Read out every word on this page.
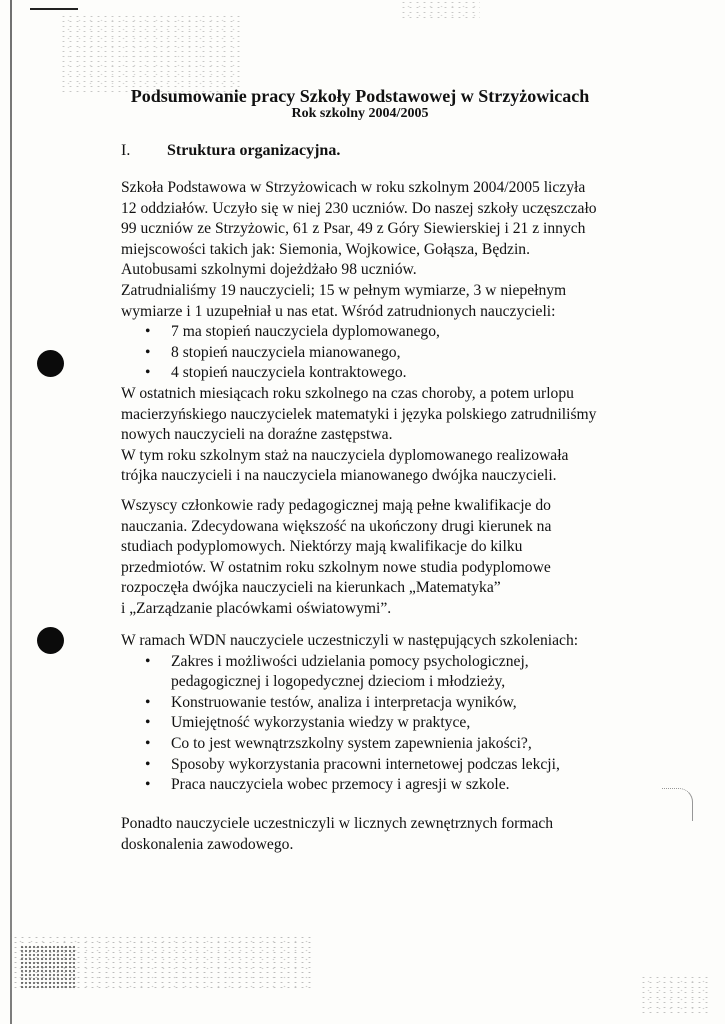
Podsumowanie pracy Szkoły Podstawowej w Strzyżowicach
Rok szkolny 2004/2005
I. Struktura organizacyjna.

Szkoła Podstawowa w Strzyżowicach w roku szkolnym 2004/2005 liczyła
12 oddziałów. Uczyło się w niej 230 uczniów. Do naszej szkoły uczęszczało
99 uczniów ze Strzyżowic, 61 z Psar, 49 z Góry Siewierskiej i 21 z innych
miejscowości takich jak: Siemonia, Wojkowice, Gołąsza, Będzin.
Autobusami szkolnymi dojeżdżało 98 uczniów.
Zatrudnialiśmy 19 nauczycieli; 15 w pełnym wymiarze, 3 w niepełnym
wymiarze i 1 uzupełniał u nas etat. Wśród zatrudnionych nauczycieli:

• 7 ma stopień nauczyciela dyplomowanego,
• 8 stopień nauczyciela mianowanego,
• 4 stopień nauczyciela kontraktowego.

W ostatnich miesiącach roku szkolnego na czas choroby, a potem urlopu
macierzyńskiego nauczycielek matematyki i języka polskiego zatrudniliśmy
nowych nauczycieli na doraźne zastępstwa.
W tym roku szkolnym staż na nauczyciela dyplomowanego realizowała
trójka nauczycieli i na nauczyciela mianowanego dwójka nauczycieli.

Wszyscy członkowie rady pedagogicznej mają pełne kwalifikacje do
nauczania. Zdecydowana większość na ukończony drugi kierunek na
studiach podyplomowych. Niektórzy mają kwalifikacje do kilku
przedmiotów. W ostatnim roku szkolnym nowe studia podyplomowe
rozpoczęła dwójka nauczycieli na kierunkach „Matematyka”
i „Zarządzanie placówkami oświatowymi”.

W ramach WDN nauczyciele uczestniczyli w następujących szkoleniach:

• Zakres i możliwości udzielania pomocy psychologicznej,
pedagogicznej i logopedycznej dzieciom i młodzieży,
• Konstruowanie testów, analiza i interpretacja wyników,
• Umiejętność wykorzystania wiedzy w praktyce,
• Co to jest wewnątrzszkolny system zapewnienia jakości?,
• Sposoby wykorzystania pracowni internetowej podczas lekcji,
• Praca nauczyciela wobec przemocy i agresji w szkole.

Ponadto nauczyciele uczestniczyli w licznych zewnętrznych formach
doskonalenia zawodowego.
